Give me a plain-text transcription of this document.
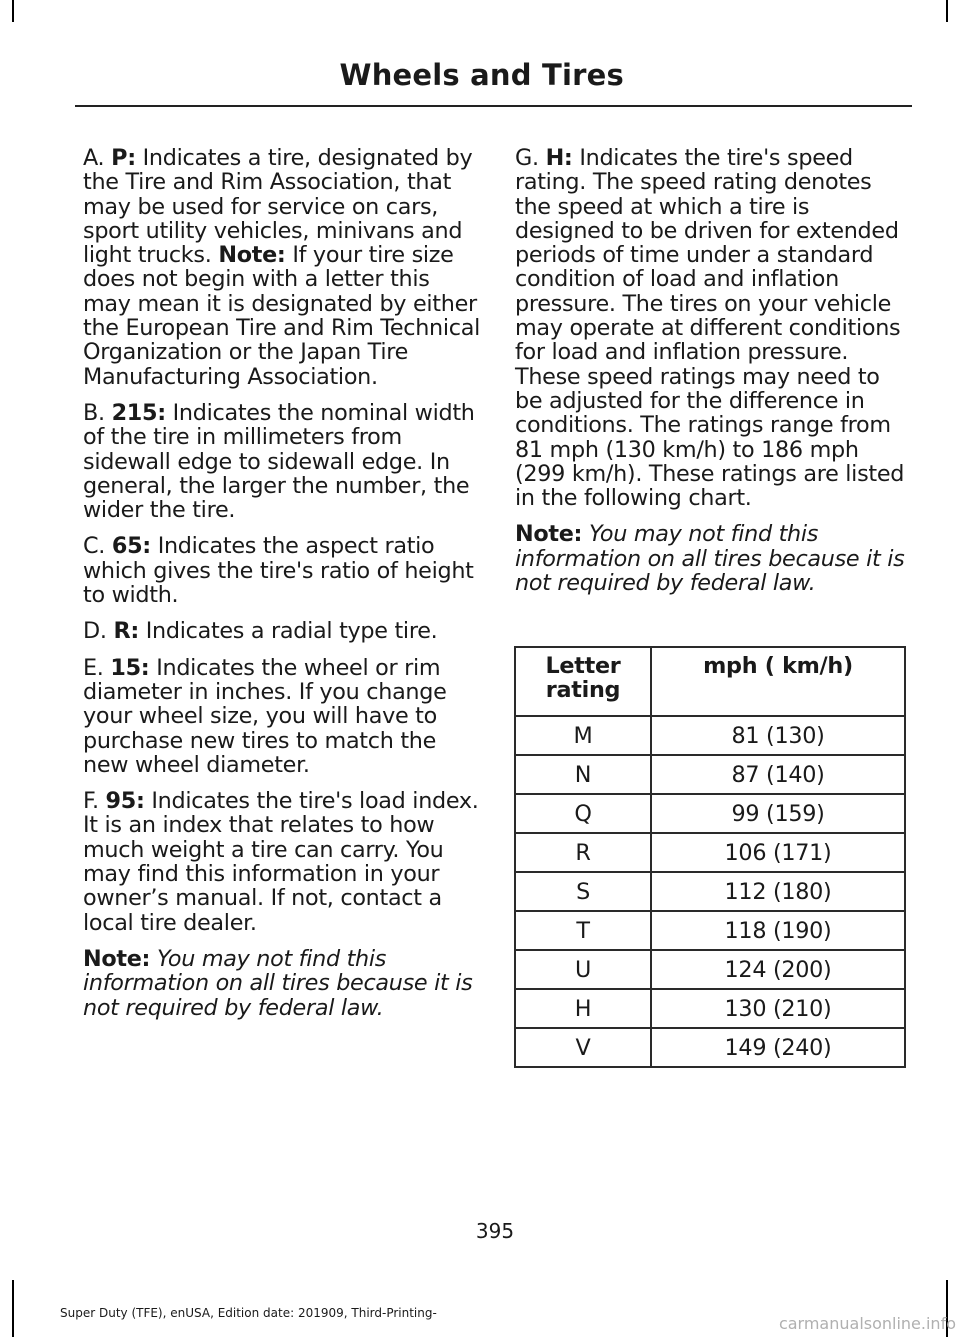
Wheels and Tires

A. P: Indicates a tire, designated by the Tire and Rim Association, that may be used for service on cars, sport utility vehicles, minivans and light trucks. Note: If your tire size does not begin with a letter this may mean it is designated by either the European Tire and Rim Technical Organization or the Japan Tire Manufacturing Association.

B. 215: Indicates the nominal width of the tire in millimeters from sidewall edge to sidewall edge. In general, the larger the number, the wider the tire.

C. 65: Indicates the aspect ratio which gives the tire's ratio of height to width.

D. R: Indicates a radial type tire.

E. 15: Indicates the wheel or rim diameter in inches. If you change your wheel size, you will have to purchase new tires to match the new wheel diameter.

F. 95: Indicates the tire's load index. It is an index that relates to how much weight a tire can carry. You may find this information in your owner’s manual. If not, contact a local tire dealer.

Note: You may not find this information on all tires because it is not required by federal law.

G. H: Indicates the tire's speed rating. The speed rating denotes the speed at which a tire is designed to be driven for extended periods of time under a standard condition of load and inflation pressure. The tires on your vehicle may operate at different conditions for load and inflation pressure. These speed ratings may need to be adjusted for the difference in conditions. The ratings range from 81 mph (130 km/h) to 186 mph (299 km/h). These ratings are listed in the following chart.

Note: You may not find this information on all tires because it is not required by federal law.

Letter rating	mph ( km/h)
M	81 (130)
N	87 (140)
Q	99 (159)
R	106 (171)
S	112 (180)
T	118 (190)
U	124 (200)
H	130 (210)
V	149 (240)
395
Super Duty (TFE), enUSA, Edition date: 201909, Third-Printing-
carmanualsonline.info
